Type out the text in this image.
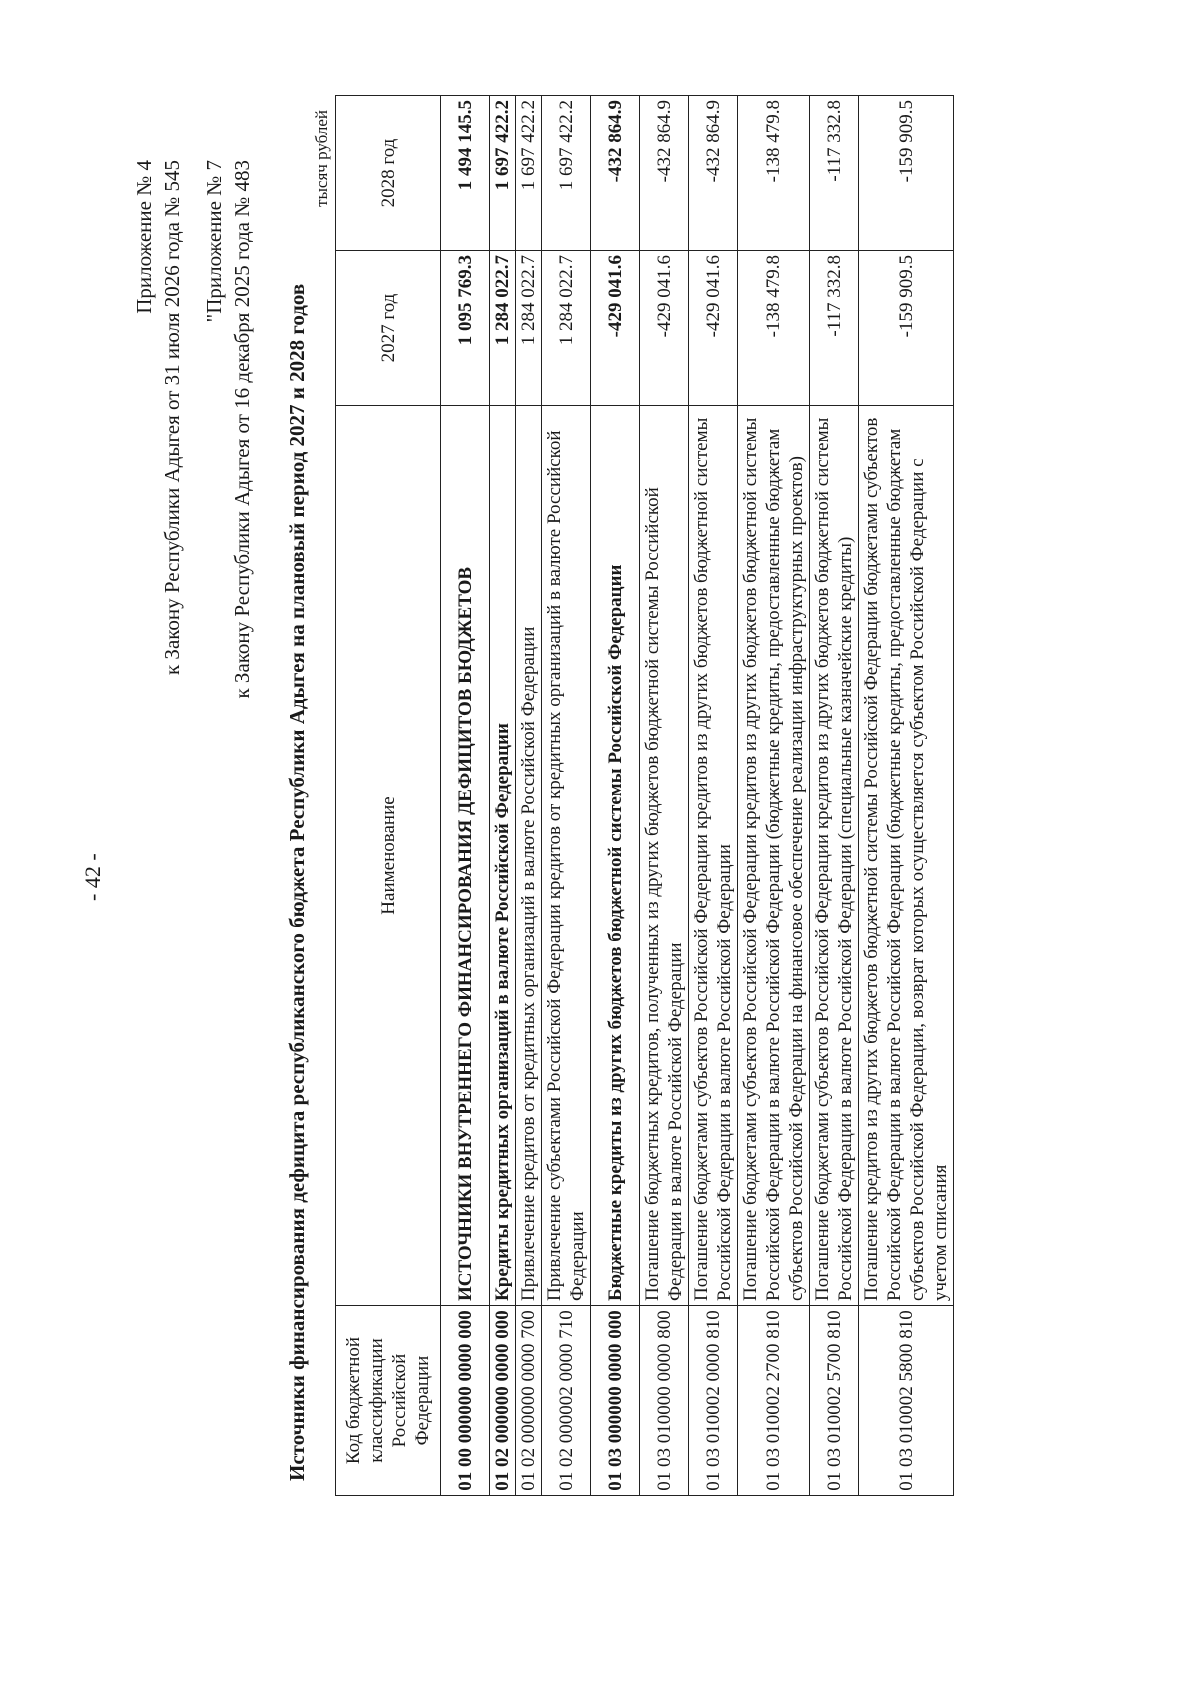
- 42 -
Приложение № 4 к Закону Республики Адыгея от 31 июля 2026 года № 545 "Приложение № 7 к Закону Республики Адыгея от 16 декабря 2025 года № 483 Источники финансирования дефицита республиканского бюджета Республики Адыгея на плановый период 2027 и 2028 годов
тысяч рублей
Код бюджетной классификации Российской Федерации	Наименование	2027 год	2028 год
01 00 000000 0000 000	ИСТОЧНИКИ ВНУТРЕННЕГО ФИНАНСИРОВАНИЯ ДЕФИЦИТОВ БЮДЖЕТОВ	1 095 769.3	1 494 145.5
01 02 000000 0000 000	Кредиты кредитных организаций в валюте Российской Федерации	1 284 022.7	1 697 422.2
01 02 000000 0000 700	Привлечение кредитов от кредитных организаций в валюте Российской Федерации	1 284 022.7	1 697 422.2
01 02 000002 0000 710	Привлечение субъектами Российской Федерации кредитов от кредитных организаций в валюте Российской Федерации	1 284 022.7	1 697 422.2
01 03 000000 0000 000	Бюджетные кредиты из других бюджетов бюджетной системы Российской Федерации	-429 041.6	-432 864.9
01 03 010000 0000 800	Погашение бюджетных кредитов, полученных из других бюджетов бюджетной системы Российской Федерации в валюте Российской Федерации	-429 041.6	-432 864.9
01 03 010002 0000 810	Погашение бюджетами субъектов Российской Федерации кредитов из других бюджетов бюджетной системы Российской Федерации в валюте Российской Федерации	-429 041.6	-432 864.9
01 03 010002 2700 810	Погашение бюджетами субъектов Российской Федерации кредитов из других бюджетов бюджетной системы Российской Федерации в валюте Российской Федерации (бюджетные кредиты, предоставленные бюджетам субъектов Российской Федерации на финансовое обеспечение реализации инфраструктурных проектов)	-138 479.8	-138 479.8
01 03 010002 5700 810	Погашение бюджетами субъектов Российской Федерации кредитов из других бюджетов бюджетной системы Российской Федерации в валюте Российской Федерации (специальные казначейские кредиты)	-117 332.8	-117 332.8
01 03 010002 5800 810	Погашение кредитов из других бюджетов бюджетной системы Российской Федерации бюджетами субъектов Российской Федерации в валюте Российской Федерации (бюджетные кредиты, предоставленные бюджетам субъектов Российской Федерации, возврат которых осуществляется субъектом Российской Федерации с учетом списания	-159 909.5	-159 909.5
